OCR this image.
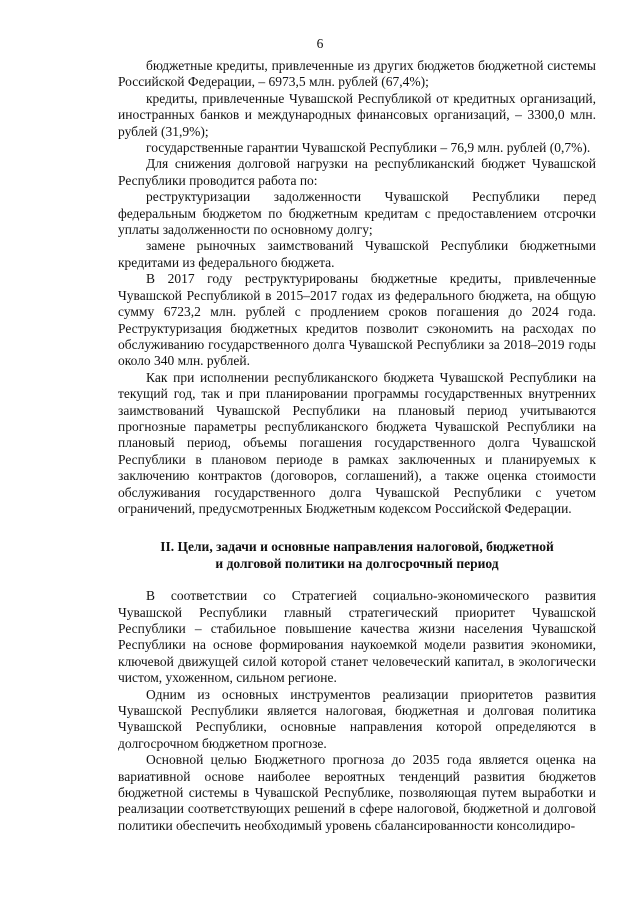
6

бюджетные кредиты, привлеченные из других бюджетов бюджетной системы Российской Федерации, – 6973,5 млн. рублей (67,4%);

кредиты, привлеченные Чувашской Республикой от кредитных организаций, иностранных банков и международных финансовых организаций, – 3300,0 млн. рублей (31,9%);

государственные гарантии Чувашской Республики – 76,9 млн. рублей (0,7%).

Для снижения долговой нагрузки на республиканский бюджет Чувашской Республики проводится работа по:

реструктуризации задолженности Чувашской Республики перед федеральным бюджетом по бюджетным кредитам с предоставлением отсрочки уплаты задолженности по основному долгу;

замене рыночных заимствований Чувашской Республики бюджетными кредитами из федерального бюджета.

В 2017 году реструктурированы бюджетные кредиты, привлеченные Чувашской Республикой в 2015–2017 годах из федерального бюджета, на общую сумму 6723,2 млн. рублей с продлением сроков погашения до 2024 года. Реструктуризация бюджетных кредитов позволит сэкономить на расходах по обслуживанию государственного долга Чувашской Республики за 2018–2019 годы около 340 млн. рублей.

Как при исполнении республиканского бюджета Чувашской Республики на текущий год, так и при планировании программы государственных внутренних заимствований Чувашской Республики на плановый период учитываются прогнозные параметры республиканского бюджета Чувашской Республики на плановый период, объемы погашения государственного долга Чувашской Республики в плановом периоде в рамках заключенных и планируемых к заключению контрактов (договоров, соглашений), а также оценка стоимости обслуживания государственного долга Чувашской Республики с учетом ограничений, предусмотренных Бюджетным кодексом Российской Федерации.

II. Цели, задачи и основные направления налоговой, бюджетной
и долговой политики на долгосрочный период

В соответствии со Стратегией социально-экономического развития Чувашской Республики главный стратегический приоритет Чувашской Республики – стабильное повышение качества жизни населения Чувашской Республики на основе формирования наукоемкой модели развития экономики, ключевой движущей силой которой станет человеческий капитал, в экологически чистом, ухоженном, сильном регионе.

Одним из основных инструментов реализации приоритетов развития Чувашской Республики является налоговая, бюджетная и долговая политика Чувашской Республики, основные направления которой определяются в долгосрочном бюджетном прогнозе.

Основной целью Бюджетного прогноза до 2035 года является оценка на вариативной основе наиболее вероятных тенденций развития бюджетов бюджетной системы в Чувашской Республике, позволяющая путем выработки и реализации соответствующих решений в сфере налоговой, бюджетной и долговой политики обеспечить необходимый уровень сбалансированности консолидиро-
